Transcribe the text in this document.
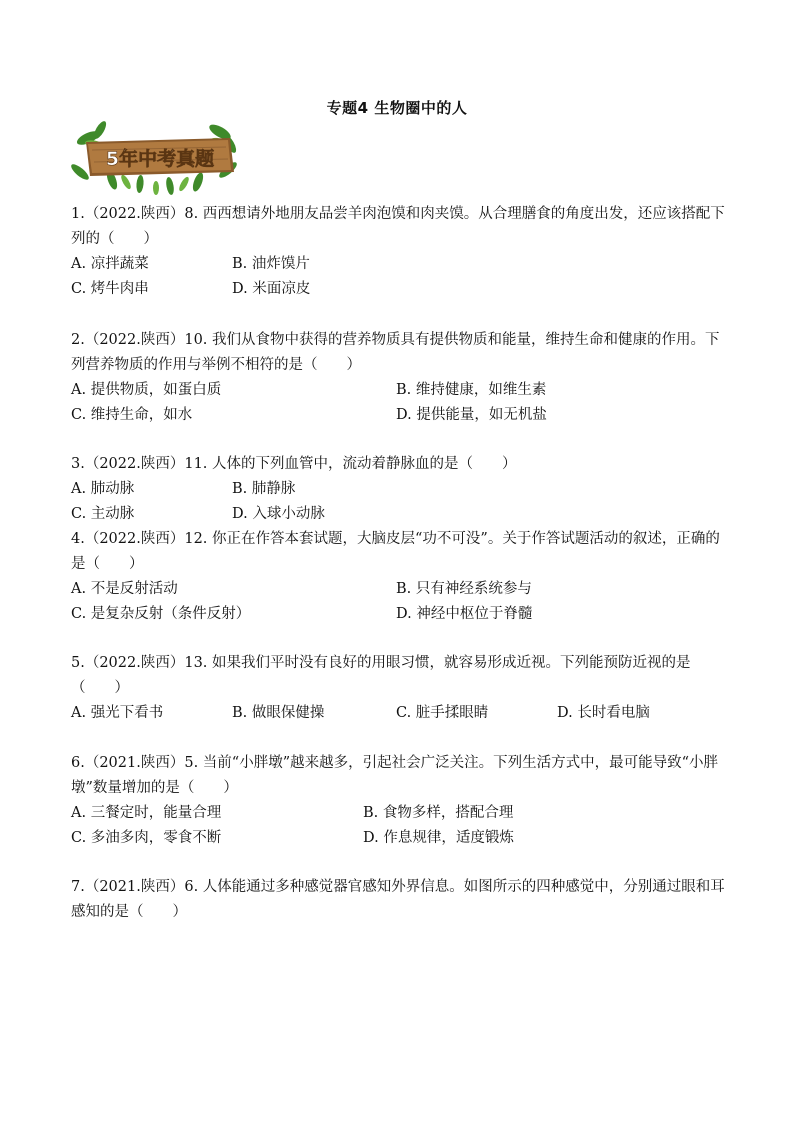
专题4 生物圈中的人
5年中考真题
1.（2022.陕西）8. 西西想请外地朋友品尝羊肉泡馍和肉夹馍。从合理膳食的角度出发，还应该搭配下列的（　　）
A. 凉拌蔬菜	B. 油炸馍片
C. 烤牛肉串	D. 米面凉皮
2.（2022.陕西）10. 我们从食物中获得的营养物质具有提供物质和能量，维持生命和健康的作用。下列营养物质的作用与举例不相符的是（　　）
A. 提供物质，如蛋白质	B. 维持健康，如维生素
C. 维持生命，如水	D. 提供能量，如无机盐
3.（2022.陕西）11. 人体的下列血管中，流动着静脉血的是（　　）
A. 肺动脉	B. 肺静脉
C. 主动脉	D. 入球小动脉
4.（2022.陕西）12. 你正在作答本套试题，大脑皮层“功不可没”。关于作答试题活动的叙述，正确的是（　　）
A. 不是反射活动	B. 只有神经系统参与
C. 是复杂反射（条件反射）	D. 神经中枢位于脊髓
5.（2022.陕西）13. 如果我们平时没有良好的用眼习惯，就容易形成近视。下列能预防近视的是（　　）
A. 强光下看书	B. 做眼保健操	C. 脏手揉眼睛	D. 长时看电脑
6.（2021.陕西）5. 当前“小胖墩”越来越多，引起社会广泛关注。下列生活方式中，最可能导致“小胖墩”数量增加的是（　　）
A. 三餐定时，能量合理	B. 食物多样，搭配合理
C. 多油多肉，零食不断	D. 作息规律，适度锻炼
7.（2021.陕西）6. 人体能通过多种感觉器官感知外界信息。如图所示的四种感觉中，分别通过眼和耳感知的是（　　）
